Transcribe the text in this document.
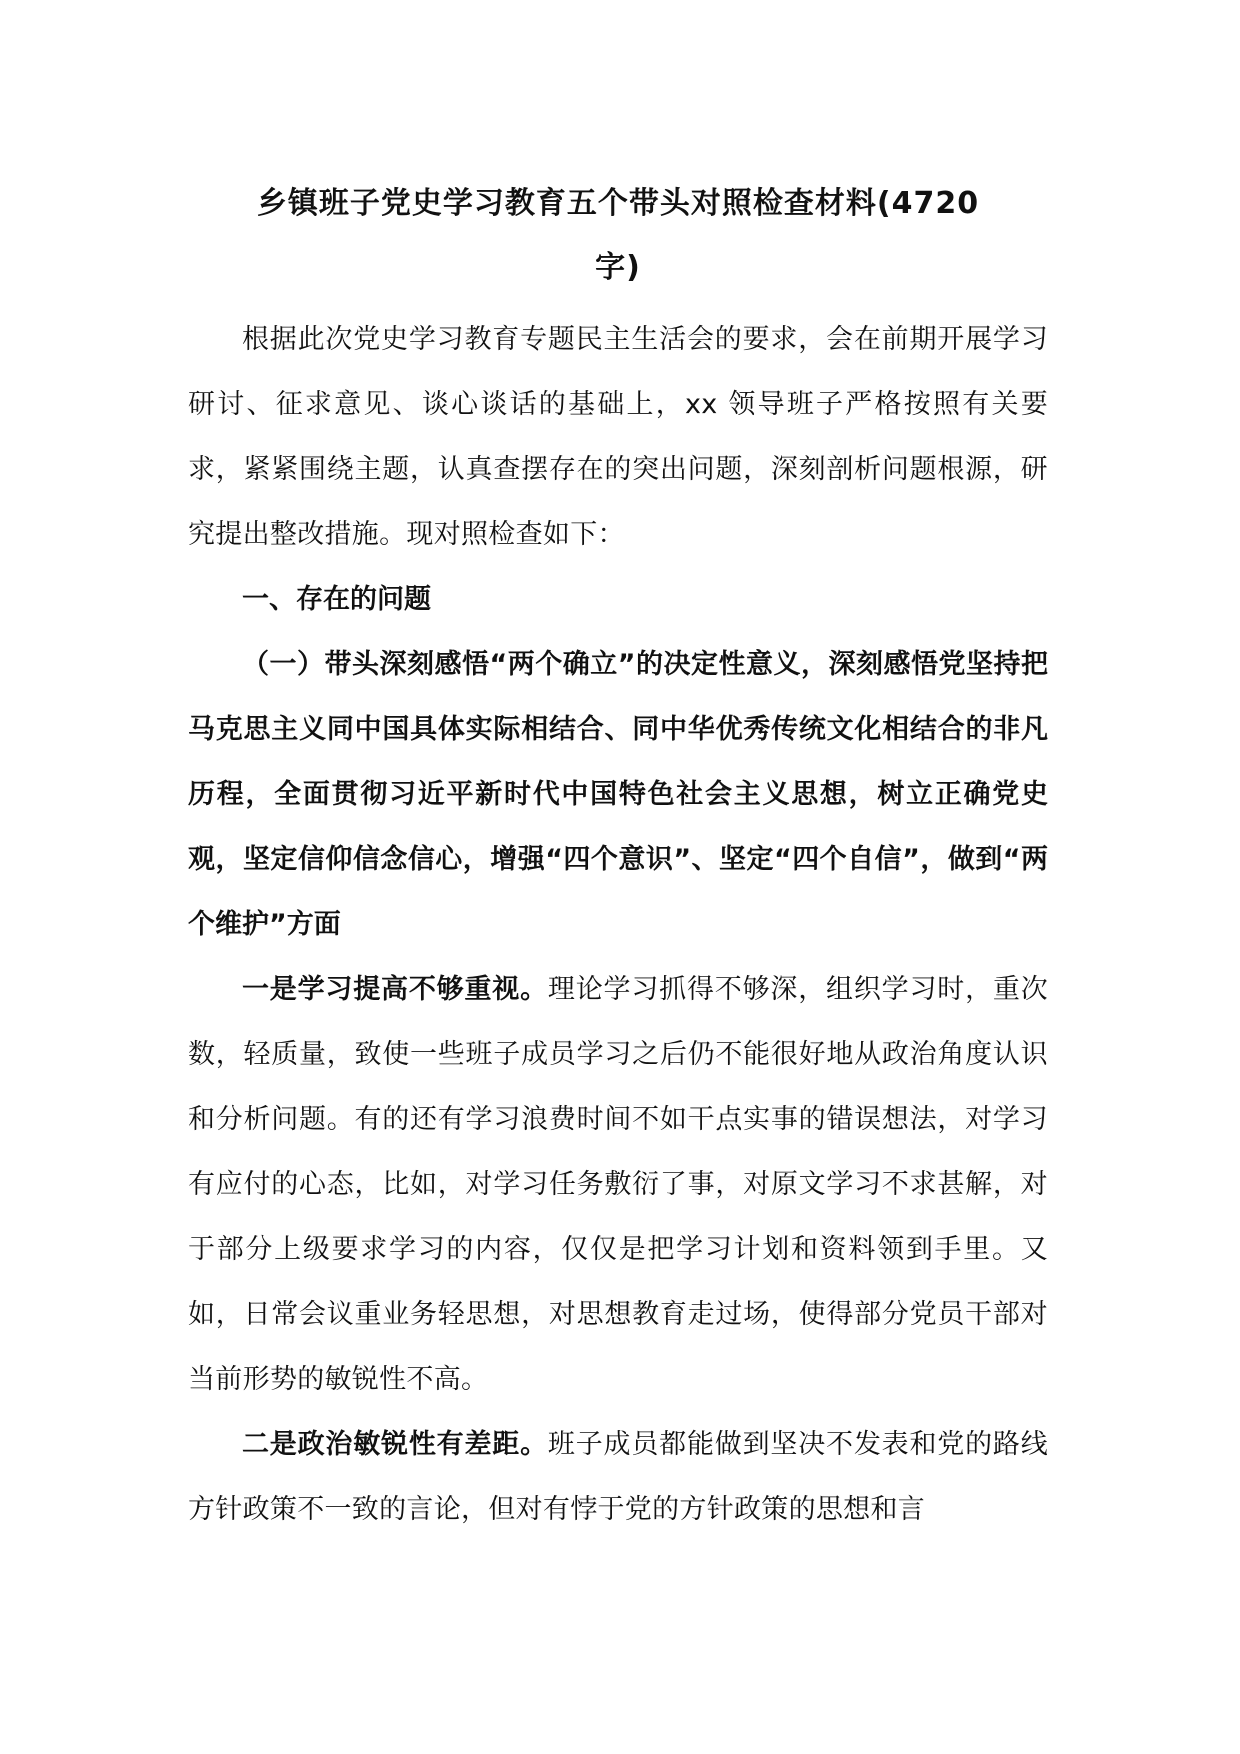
乡镇班子党史学习教育五个带头对照检查材料(4720
字)

根据此次党史学习教育专题民主生活会的要求，会在前期开展学习研讨、征求意见、谈心谈话的基础上，xx 领导班子严格按照有关要求，紧紧围绕主题，认真查摆存在的突出问题，深刻剖析问题根源，研究提出整改措施。现对照检查如下：

一、存在的问题

（一）带头深刻感悟“两个确立”的决定性意义，深刻感悟党坚持把马克思主义同中国具体实际相结合、同中华优秀传统文化相结合的非凡历程，全面贯彻习近平新时代中国特色社会主义思想，树立正确党史观，坚定信仰信念信心，增强“四个意识”、坚定“四个自信”，做到“两个维护”方面

一是学习提高不够重视。理论学习抓得不够深，组织学习时，重次数，轻质量，致使一些班子成员学习之后仍不能很好地从政治角度认识和分析问题。有的还有学习浪费时间不如干点实事的错误想法，对学习有应付的心态，比如，对学习任务敷衍了事，对原文学习不求甚解，对于部分上级要求学习的内容，仅仅是把学习计划和资料领到手里。又如，日常会议重业务轻思想，对思想教育走过场，使得部分党员干部对当前形势的敏锐性不高。

二是政治敏锐性有差距。班子成员都能做到坚决不发表和党的路线方针政策不一致的言论，但对有悖于党的方针政策的思想和言
